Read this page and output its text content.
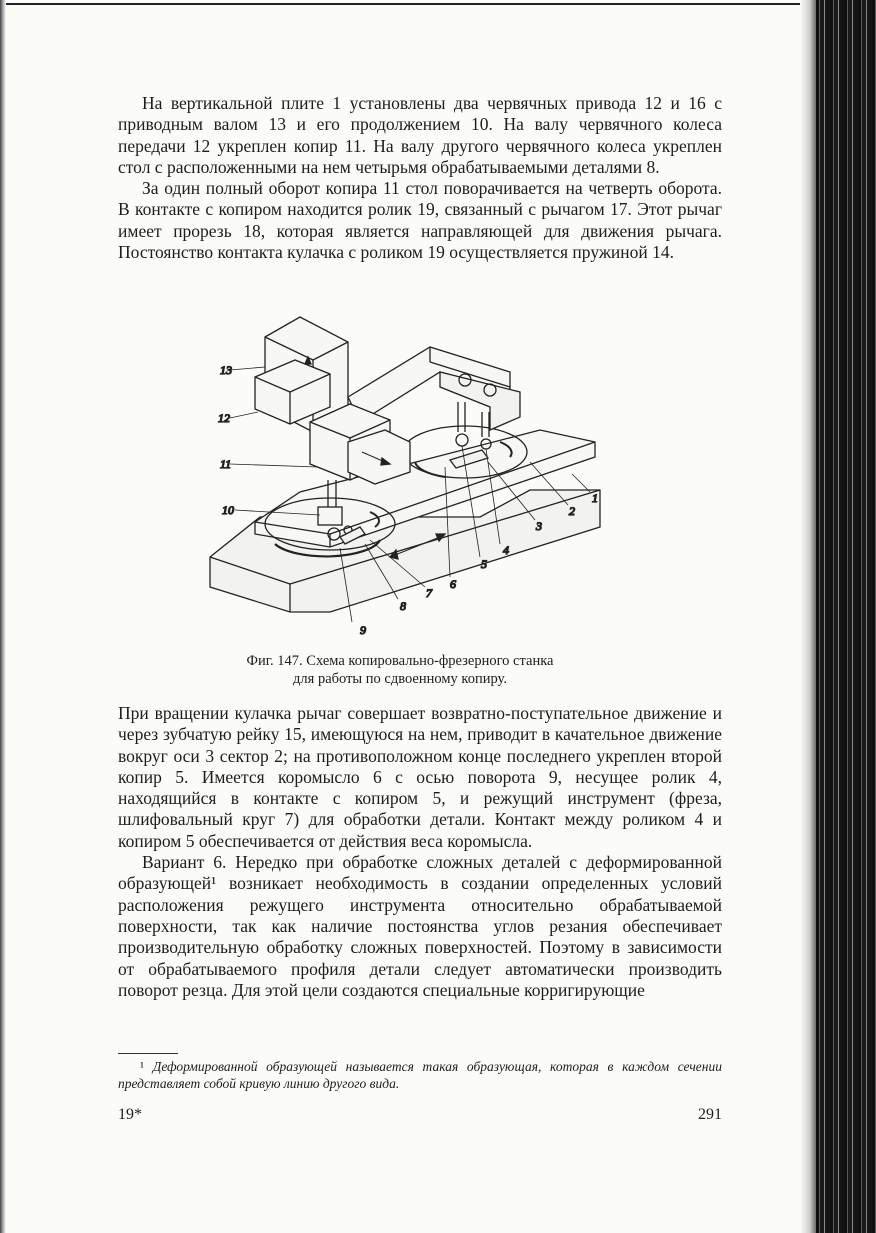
На вертикальной плите 1 установлены два червячных привода 12 и 16 с приводным валом 13 и его продолжением 10. На валу червячного колеса передачи 12 укреплен копир 11. На валу другого червячного колеса укреплен стол с расположенными на нем четырьмя обрабатываемыми деталями 8.

За один полный оборот копира 11 стол поворачивается на четверть оборота. В контакте с копиром находится ролик 19, связанный с рычагом 17. Этот рычаг имеет прорезь 18, которая является направляющей для движения рычага. Постоянство контакта кулачка с роликом 19 осуществляется пружиной 14.

13
12
11
10
9
8
7
6
5
4
3
2
1
Фиг. 147. Схема копировально-фрезерного станка
для работы по сдвоенному копиру.

При вращении кулачка рычаг совершает возвратно-поступательное движение и через зубчатую рейку 15, имеющуюся на нем, приводит в качательное движение вокруг оси 3 сектор 2; на противоположном конце последнего укреплен второй копир 5. Имеется коромысло 6 с осью поворота 9, несущее ролик 4, находящийся в контакте с копиром 5, и режущий инструмент (фреза, шлифовальный круг 7) для обработки детали. Контакт между роликом 4 и копиром 5 обеспечивается от действия веса коромысла.

Вариант 6. Нередко при обработке сложных деталей с деформированной образующей¹ возникает необходимость в создании определенных условий расположения режущего инструмента относительно обрабатываемой поверхности, так как наличие постоянства углов резания обеспечивает производительную обработку сложных поверхностей. Поэтому в зависимости от обрабатываемого профиля детали следует автоматически производить поворот резца. Для этой цели создаются специальные корригирующие

¹ Деформированной образующей называется такая образующая, которая в каждом сечении представляет собой кривую линию другого вида.
19*	291
